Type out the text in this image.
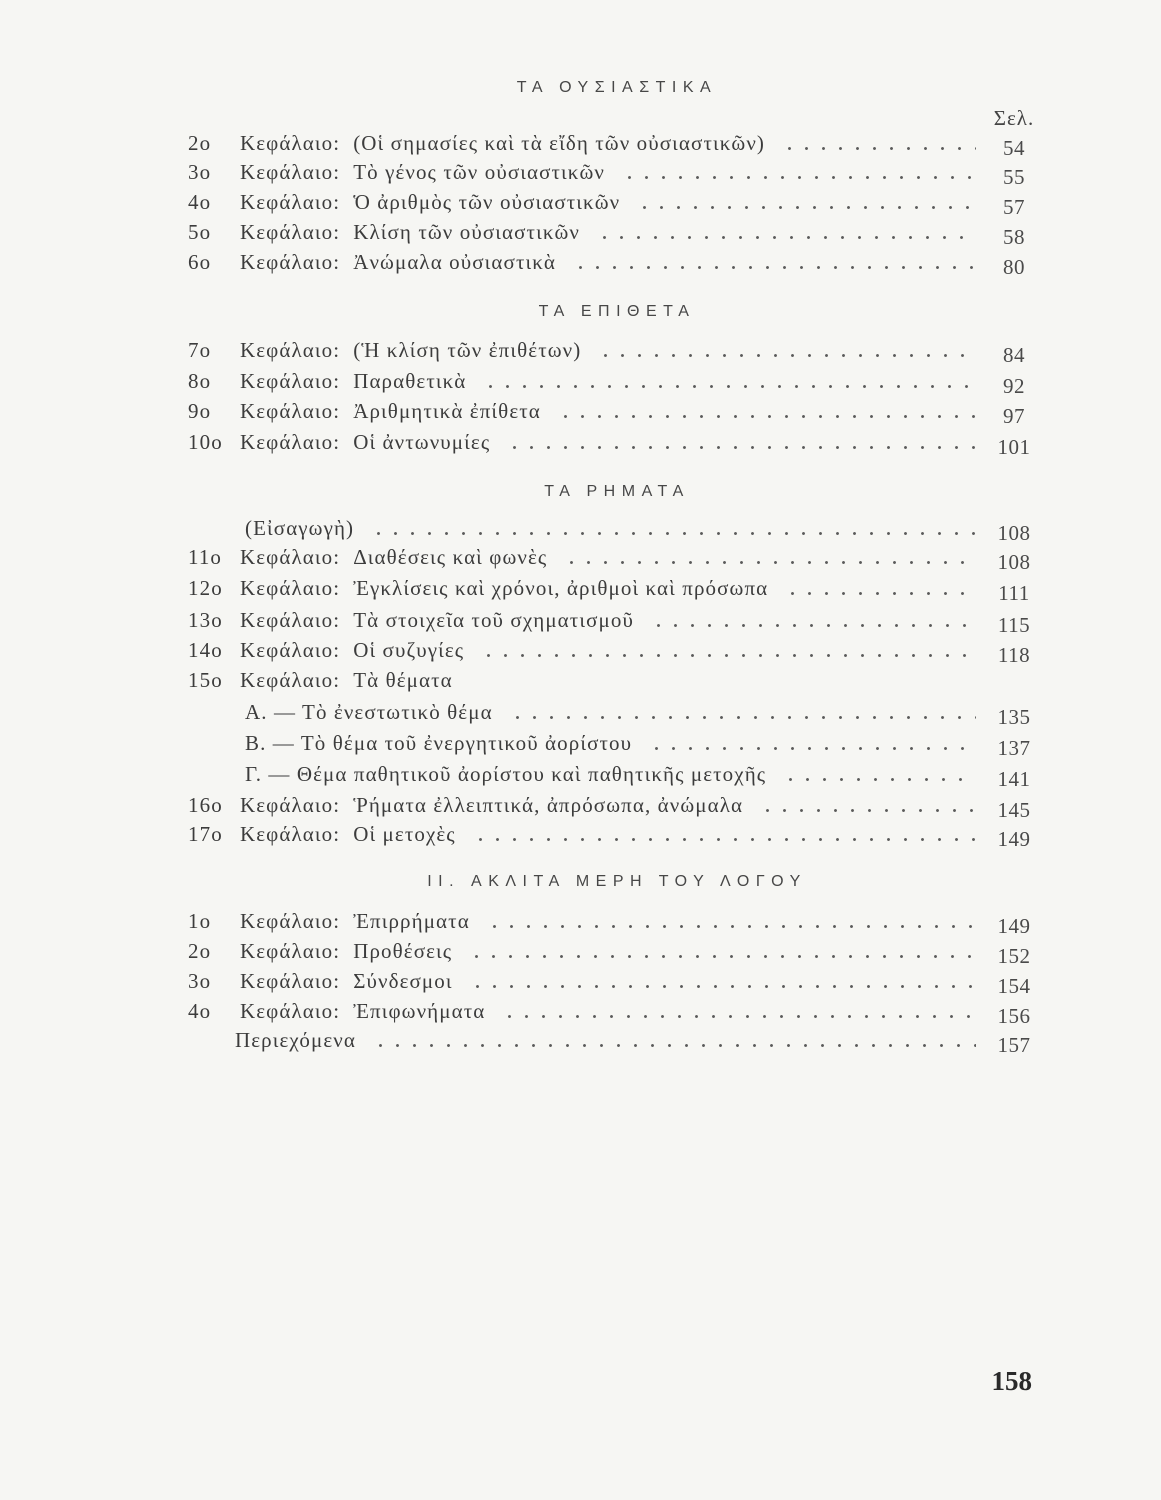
ΤΑ ΟΥΣΙΑΣΤΙΚΑ
Σελ.
2ο	Κεφάλαιο: (Οἱ σημασίες καὶ τὰ εἴδη τῶν οὐσιαστικῶν)	54
3ο	Κεφάλαιο: Τὸ γένος τῶν οὐσιαστικῶν	55
4ο	Κεφάλαιο: Ὁ ἀριθμὸς τῶν οὐσιαστικῶν	57
5ο	Κεφάλαιο: Κλίση τῶν οὐσιαστικῶν	58
6ο	Κεφάλαιο: Ἀνώμαλα οὐσιαστικὰ	80
ΤΑ ΕΠΙΘΕΤΑ
7ο	Κεφάλαιο: (Ἡ κλίση τῶν ἐπιθέτων)	84
8ο	Κεφάλαιο: Παραθετικὰ	92
9ο	Κεφάλαιο: Ἀριθμητικὰ ἐπίθετα	97
10ο Κεφάλαιο: Οἱ ἀντωνυμίες	101
ΤΑ ΡΗΜΑΤΑ
(Εἰσαγωγὴ)	108
11ο Κεφάλαιο: Διαθέσεις καὶ φωνὲς	108
12ο Κεφάλαιο: Ἐγκλίσεις καὶ χρόνοι, ἀριθμοὶ καὶ πρόσωπα	111
13ο Κεφάλαιο: Τὰ στοιχεῖα τοῦ σχηματισμοῦ	115
14ο Κεφάλαιο: Οἱ συζυγίες	118
15ο Κεφάλαιο: Τὰ θέματα
Α. — Τὸ ἐνεστωτικὸ θέμα	135
Β. — Τὸ θέμα τοῦ ἐνεργητικοῦ ἀορίστου	137
Γ. — Θέμα παθητικοῦ ἀορίστου καὶ παθητικῆς μετοχῆς	141
16ο Κεφάλαιο: Ῥήματα ἐλλειπτικά, ἀπρόσωπα, ἀνώμαλα	145
17ο Κεφάλαιο: Οἱ μετοχὲς	149
II. ΑΚΛΙΤΑ ΜΕΡΗ ΤΟΥ ΛΟΓΟΥ
1ο	Κεφάλαιο: Ἐπιρρήματα	149
2ο	Κεφάλαιο: Προθέσεις	152
3ο	Κεφάλαιο: Σύνδεσμοι	154
4ο	Κεφάλαιο: Ἐπιφωνήματα	156
Περιεχόμενα	157
158
